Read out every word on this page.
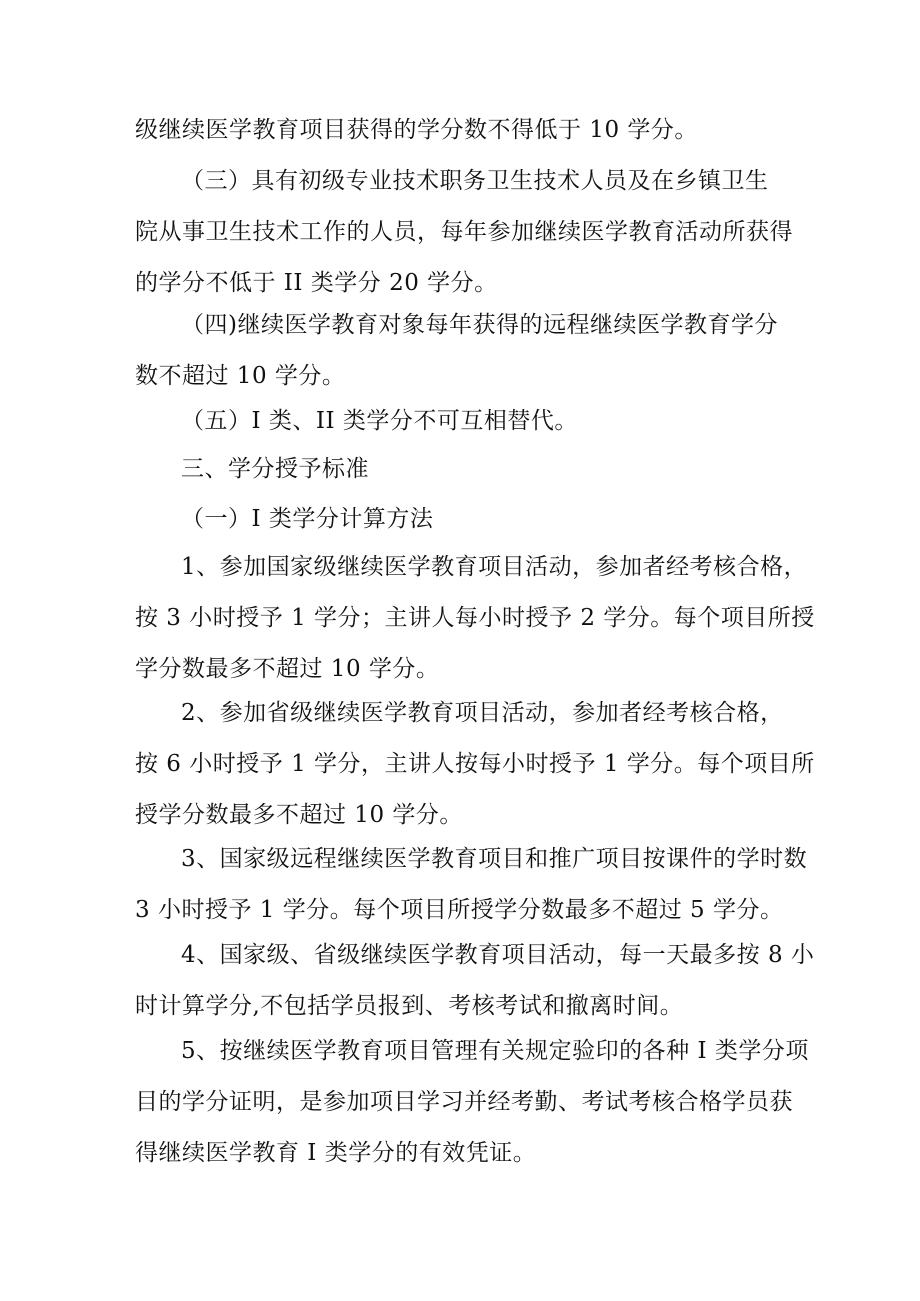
级继续医学教育项目获得的学分数不得低于 10 学分。
（三）具有初级专业技术职务卫生技术人员及在乡镇卫生
院从事卫生技术工作的人员，每年参加继续医学教育活动所获得
的学分不低于 II 类学分 20 学分。
（四)继续医学教育对象每年获得的远程继续医学教育学分
数不超过 10 学分。
（五）I 类、II 类学分不可互相替代。
三、学分授予标准
（一）I 类学分计算方法
1、参加国家级继续医学教育项目活动，参加者经考核合格，
按 3 小时授予 1 学分；主讲人每小时授予 2 学分。每个项目所授
学分数最多不超过 10 学分。
2、参加省级继续医学教育项目活动，参加者经考核合格，
按 6 小时授予 1 学分，主讲人按每小时授予 1 学分。每个项目所
授学分数最多不超过 10 学分。
3、国家级远程继续医学教育项目和推广项目按课件的学时数
3 小时授予 1 学分。每个项目所授学分数最多不超过 5 学分。
4、国家级、省级继续医学教育项目活动，每一天最多按 8 小
时计算学分,不包括学员报到、考核考试和撤离时间。
5、按继续医学教育项目管理有关规定验印的各种 I 类学分项
目的学分证明，是参加项目学习并经考勤、考试考核合格学员获
得继续医学教育 I 类学分的有效凭证。
